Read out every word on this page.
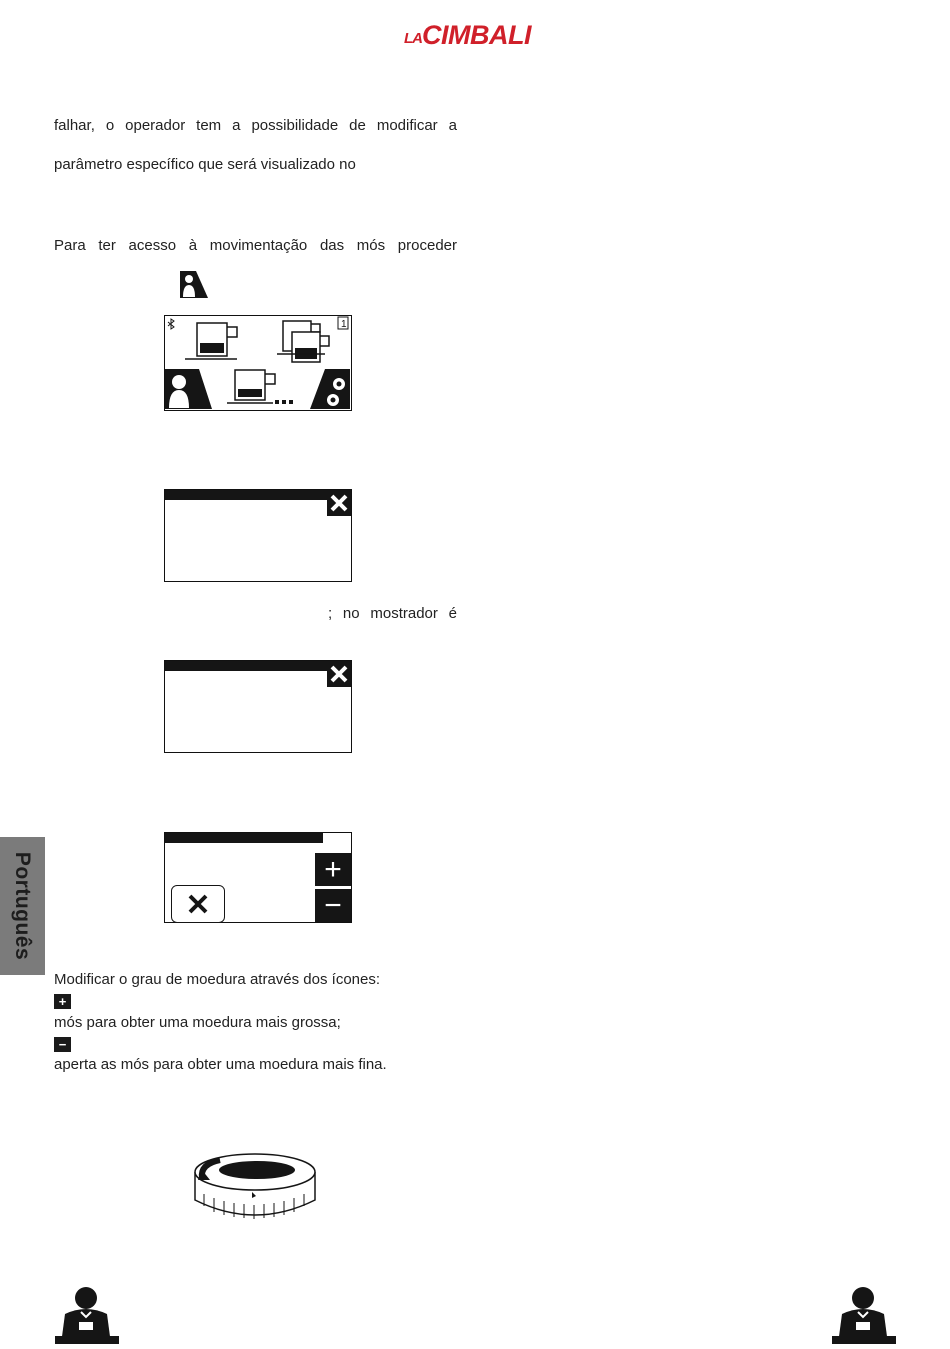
LA CIMBALI

falhar, o operador tem a possibilidade de modificar a

parâmetro específico que será visualizado no

Para ter acesso à movimentação das mós proceder

1

; no mostrador é

+
−
Português

Modificar o grau de moedura através dos ícones:

+

mós para obter uma moedura mais grossa;

−

aperta as mós para obter uma moedura mais fina.
